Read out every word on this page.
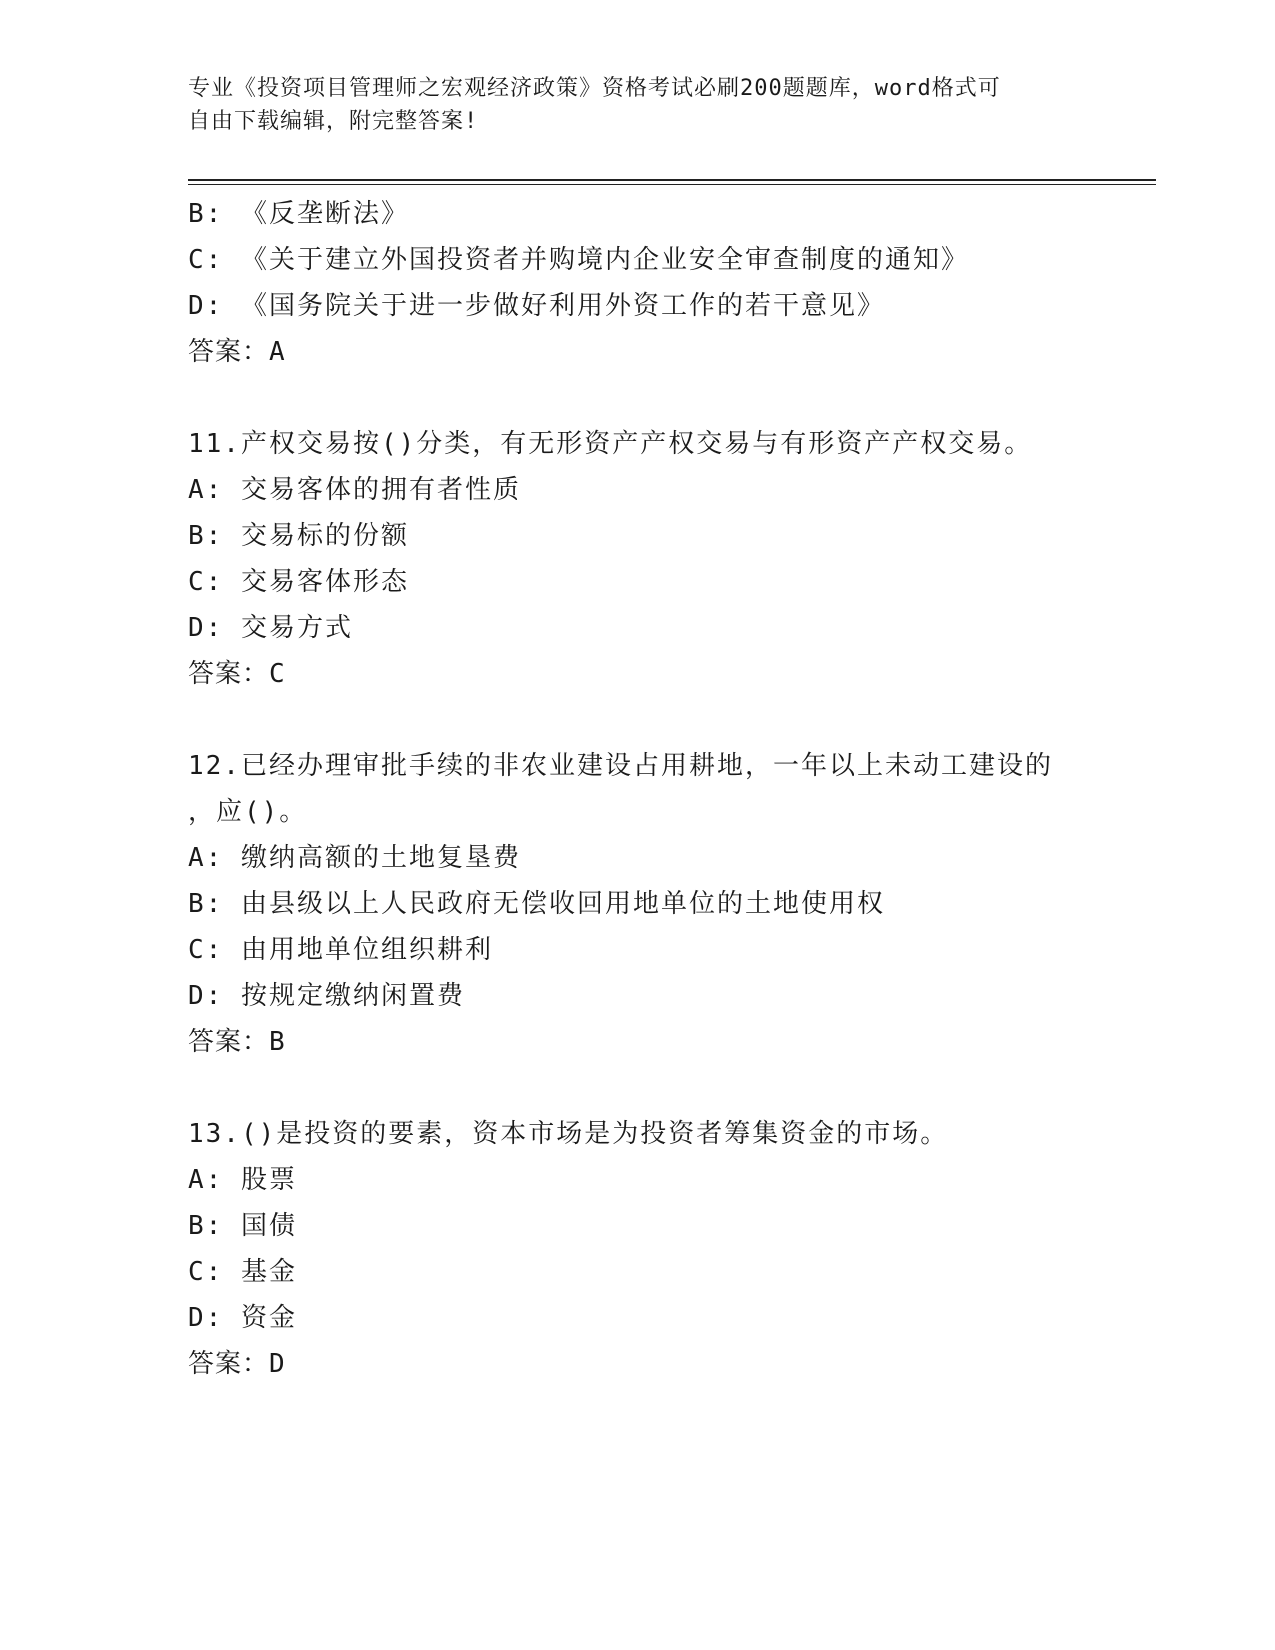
专业《投资项目管理师之宏观经济政策》资格考试必刷200题题库，word格式可
自由下载编辑，附完整答案!
B: 《反垄断法》
C: 《关于建立外国投资者并购境内企业安全审查制度的通知》
D: 《国务院关于进一步做好利用外资工作的若干意见》
答案：A
11.产权交易按()分类，有无形资产产权交易与有形资产产权交易。
A: 交易客体的拥有者性质
B: 交易标的份额
C: 交易客体形态
D: 交易方式
答案：C
12.已经办理审批手续的非农业建设占用耕地，一年以上未动工建设的
，应()。
A: 缴纳高额的土地复垦费
B: 由县级以上人民政府无偿收回用地单位的土地使用权
C: 由用地单位组织耕利
D: 按规定缴纳闲置费
答案：B
13.()是投资的要素，资本市场是为投资者筹集资金的市场。
A: 股票
B: 国债
C: 基金
D: 资金
答案：D
